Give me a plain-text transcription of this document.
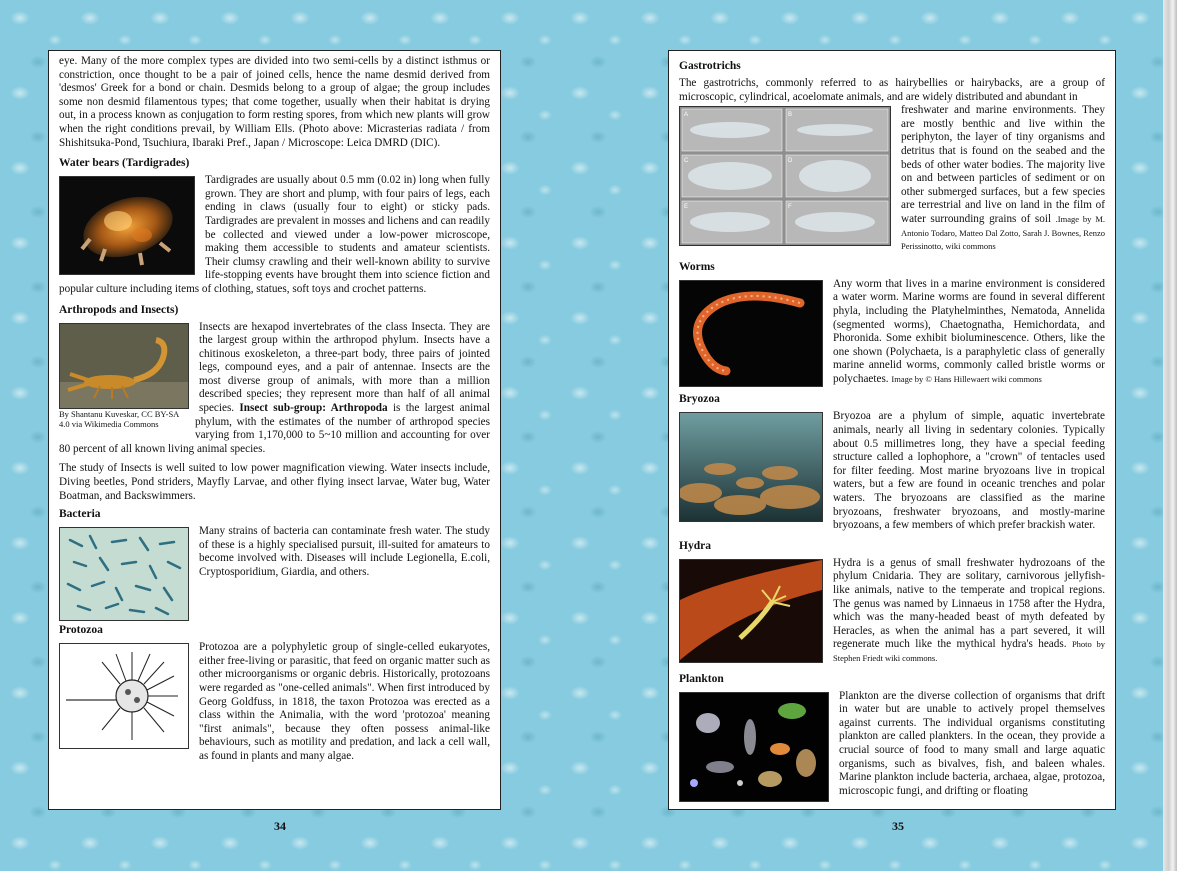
eye. Many of the more complex types are divided into two semi-cells by a distinct isthmus or constriction, once thought to be a pair of joined cells, hence the name desmid derived from 'desmos' Greek for a bond or chain. Desmids belong to a group of algae; the group includes some non desmid filamentous types; that come together, usually when their habitat is drying out, in a process known as conjugation to form resting spores, from which new plants will grow when the right conditions prevail, by William Ells. (Photo above: Micrasterias radiata / from Shishitsuka-Pond, Tsuchiura, Ibaraki Pref., Japan / Microscope: Leica DMRD (DIC).

Water bears (Tardigrades)

Tardigrades are usually about 0.5 mm (0.02 in) long when fully grown. They are short and plump, with four pairs of legs, each ending in claws (usually four to eight) or sticky pads. Tardigrades are prevalent in mosses and lichens and can readily be collected and viewed under a low-power microscope, making them accessible to students and amateur scientists. Their clumsy crawling and their well-known ability to survive life-stopping events have brought them into science fiction and popular culture including items of clothing, statues, soft toys and crochet patterns.

Arthropods and Insects)
By Shantanu Kuveskar, CC BY-SA 4.0 via Wikimedia Commons

Insects are hexapod invertebrates of the class Insecta. They are the largest group within the arthropod phylum. Insects have a chitinous exoskeleton, a three-part body, three pairs of jointed legs, compound eyes, and a pair of antennae. Insects are the most diverse group of animals, with more than a million described species; they represent more than half of all animal species. Insect sub-group: Arthropoda is the largest animal phylum, with the estimates of the number of arthropod species varying from 1,170,000 to 5~10 million and accounting for over 80 percent of all known living animal species.

The study of Insects is well suited to low power magnification viewing. Water insects include, Diving beetles, Pond striders, Mayfly Larvae, and other flying insect larvae, Water bug, Water Boatman, and Backswimmers.

Bacteria

Many strains of bacteria can contaminate fresh water. The study of these is a highly specialised pursuit, ill-suited for amateurs to become involved with. Diseases will include Legionella, E.coli, Cryptosporidium, Giardia, and others.

Protozoa

Protozoa are a polyphyletic group of single-celled eukaryotes, either free-living or parasitic, that feed on organic matter such as other microorganisms or organic debris. Historically, protozoans were regarded as "one-celled animals". When first introduced by Georg Goldfuss, in 1818, the taxon Protozoa was erected as a class within the Animalia, with the word 'protozoa' meaning "first animals", because they often possess animal-like behaviours, such as motility and predation, and lack a cell wall, as found in plants and many algae.

Gastrotrichs

The gastrotrichs, commonly referred to as hairybellies or hairybacks, are a group of microscopic, cylindrical, acoelomate animals, and are widely distributed and abundant in

A	B
C	D
E	F

freshwater and marine environments. They are mostly benthic and live within the periphyton, the layer of tiny organisms and detritus that is found on the seabed and the beds of other water bodies. The majority live on and between particles of sediment or on other submerged surfaces, but a few species are terrestrial and live on land in the film of water surrounding grains of soil .Image by M. Antonio Todaro, Matteo Dal Zotto, Sarah J. Bownes, Renzo Perissinotto, wiki commons

Worms

Any worm that lives in a marine environment is considered a water worm. Marine worms are found in several different phyla, including the Platyhelminthes, Nematoda, Annelida (segmented worms), Chaetognatha, Hemichordata, and Phoronida. Some exhibit bioluminescence. Others, like the one shown (Polychaeta, is a paraphyletic class of generally marine annelid worms, commonly called bristle worms or polychaetes. Image by © Hans Hillewaert wiki commons

Bryozoa

Bryozoa are a phylum of simple, aquatic invertebrate animals, nearly all living in sedentary colonies. Typically about 0.5 millimetres long, they have a special feeding structure called a lophophore, a "crown" of tentacles used for filter feeding. Most marine bryozoans live in tropical waters, but a few are found in oceanic trenches and polar waters. The bryozoans are classified as the marine bryozoans, freshwater bryozoans, and mostly-marine bryozoans, a few members of which prefer brackish water.

Hydra

Hydra is a genus of small freshwater hydrozoans of the phylum Cnidaria. They are solitary, carnivorous jellyfish-like animals, native to the temperate and tropical regions. The genus was named by Linnaeus in 1758 after the Hydra, which was the many-headed beast of myth defeated by Heracles, as when the animal has a part severed, it will regenerate much like the mythical hydra's heads. Photo by Stephen Friedt wiki commons.

Plankton

Plankton are the diverse collection of organisms that drift in water but are unable to actively propel themselves against currents. The individual organisms constituting plankton are called plankters. In the ocean, they provide a crucial source of food to many small and large aquatic organisms, such as bivalves, fish, and baleen whales. Marine plankton include bacteria, archaea, algae, protozoa, microscopic fungi, and drifting or floating

34	35
